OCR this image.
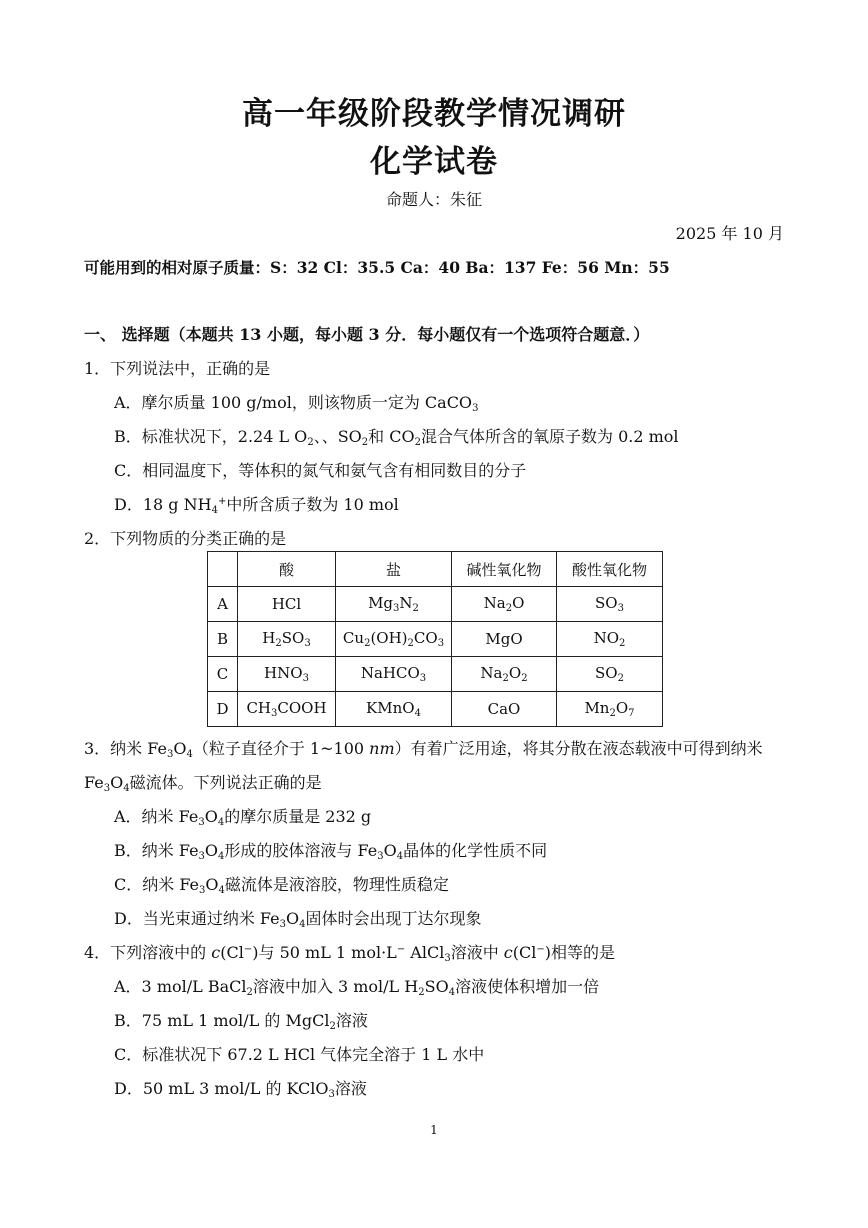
高一年级阶段教学情况调研
化学试卷
命题人：朱征
2025 年 10 月
可能用到的相对原子质量：S：32 Cl：35.5 Ca：40 Ba：137 Fe：56 Mn：55
一、 选择题（本题共 13 小题，每小题 3 分．每小题仅有一个选项符合题意．）
1．下列说法中，正确的是
A．摩尔质量 100 g/mol，则该物质一定为 CaCO$_3$
B．标准状况下，2.24 L $O_2$、、$SO_2$和 $CO_2$混合气体所含的氧原子数为 0.2 mol
C．相同温度下，等体积的氮气和氨气含有相同数目的分子
D．18 g $NH_4^+$中所含质子数为 10 mol
2．下列物质的分类正确的是
	酸	盐	碱性氧化物	酸性氧化物
A	HCl	$Mg_3N_2$	$Na_2O$	$SO_3$
B	$H_2SO_3$	$Cu_2(OH)_2CO_3$	MgO	$NO_2$
C	$HNO_3$	NaHCO$_3$	$Na_2O_2$	$SO_2$
D	$CH_3COOH$	KMnO$_4$	CaO	$Mn_2O_7$
3．纳米 $Fe_3O_4$（粒子直径介于 1~100 nm）有着广泛用途，将其分散在液态载液中可得到纳米
$Fe_3O_4$磁流体。下列说法正确的是
A．纳米 $Fe_3O_4$的摩尔质量是 232 g
B．纳米 $Fe_3O_4$形成的胶体溶液与 $Fe_3O_4$晶体的化学性质不同
C．纳米 $Fe_3O_4$磁流体是液溶胶，物理性质稳定
D．当光束通过纳米 $Fe_3O_4$固体时会出现丁达尔现象
4．下列溶液中的 c(Cl−)与 50 mL 1 mol·L− AlCl$_3$溶液中 c(Cl−)相等的是
A．3 mol/L BaCl$_2$溶液中加入 3 mol/L $H_2SO_4$溶液使体积增加一倍
B．75 mL 1 mol/L 的 MgCl$_2$溶液
C．标准状况下 67.2 L HCl 气体完全溶于 1 L 水中
D．50 mL 3 mol/L 的 KClO$_3$溶液
1
